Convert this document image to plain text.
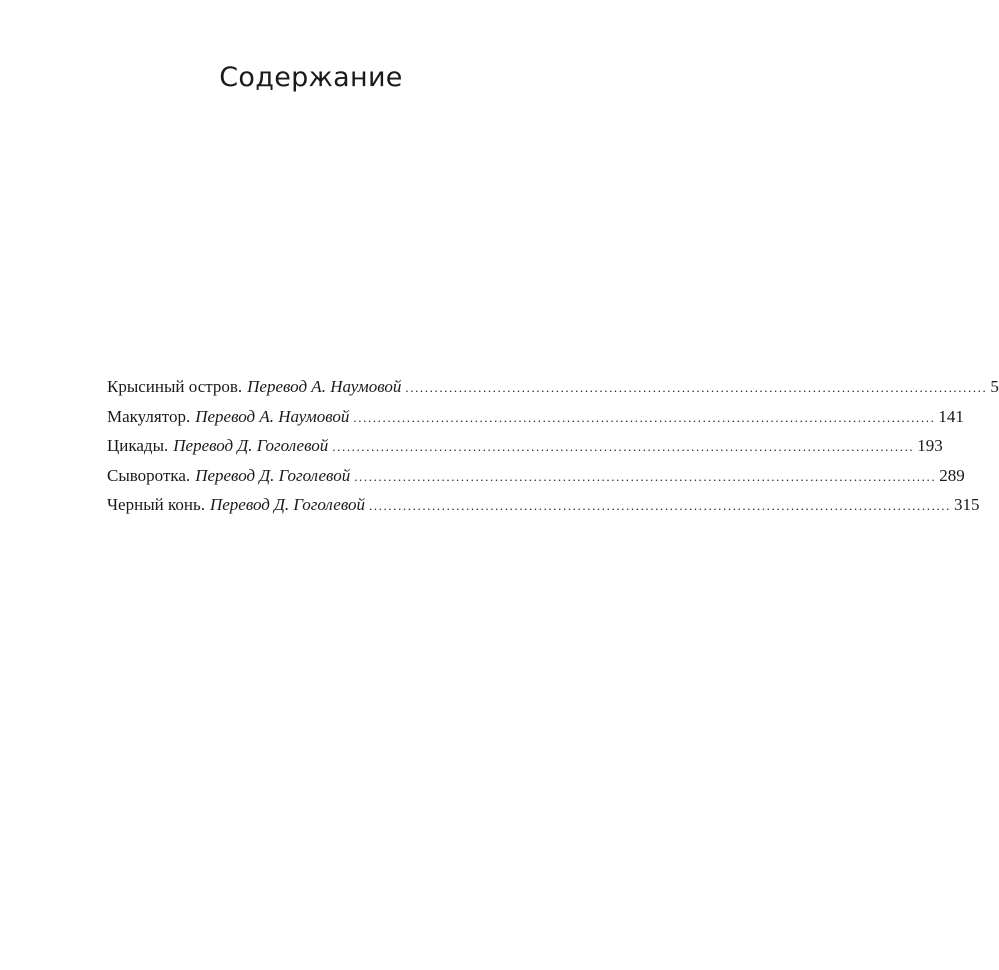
Содержание
Крысиный остров. Перевод А. Наумовой ........................................................................................................................ 5
Макулятор. Перевод А. Наумовой ........................................................................................................................ 141
Цикады. Перевод Д. Гоголевой ........................................................................................................................ 193
Сыворотка. Перевод Д. Гоголевой ........................................................................................................................ 289
Черный конь. Перевод Д. Гоголевой ........................................................................................................................ 315
